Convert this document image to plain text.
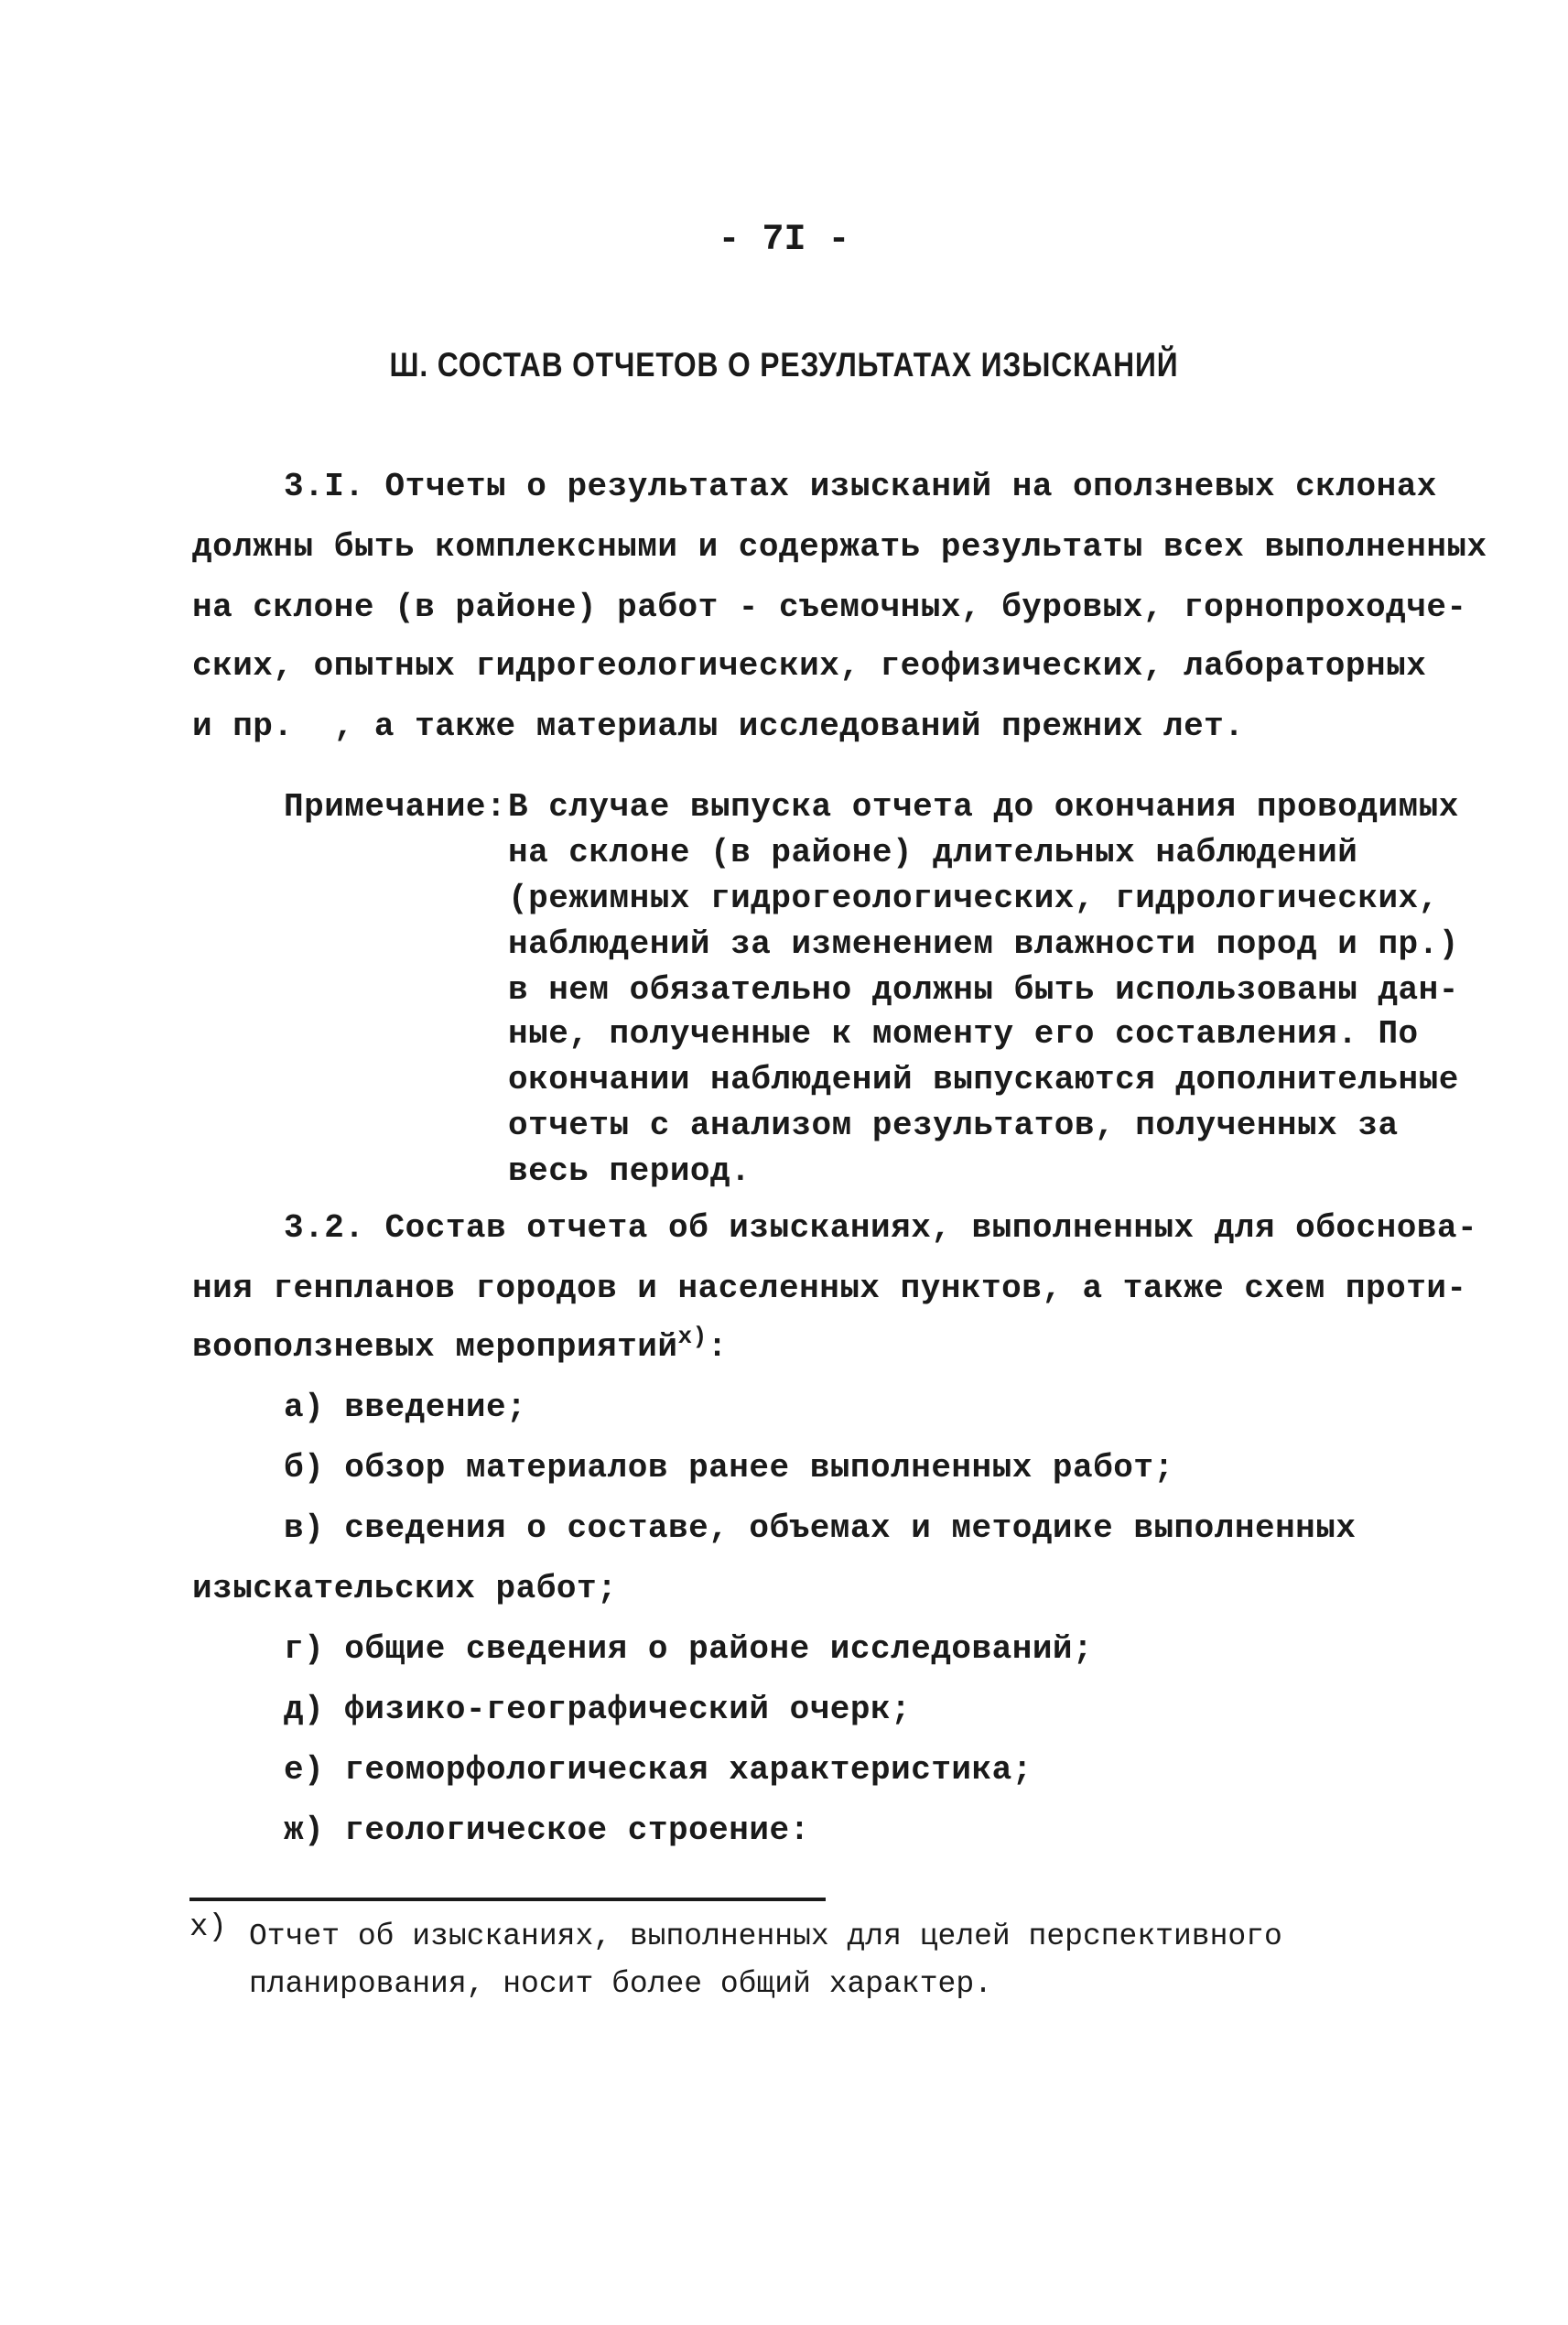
- 7I -
Ш. СОСТАВ ОТЧЕТОВ О РЕЗУЛЬТАТАХ ИЗЫСКАНИЙ
3.I. Отчеты о результатах изысканий на оползневых склонах
должны быть комплексными и содержать результаты всех выполненных
на склоне (в районе) работ - съемочных, буровых, горнопроходче-
ских, опытных гидрогеологических, геофизических, лабораторных
и пр.  , а также материалы исследований прежних лет.
Примечание: В случае выпуска отчета до окончания проводимых
на склоне (в районе) длительных наблюдений
(режимных гидрогеологических, гидрологических,
наблюдений за изменением влажности пород и пр.)
в нем обязательно должны быть использованы дан-
ные, полученные к моменту его составления. По
окончании наблюдений выпускаются дополнительные
отчеты с анализом результатов, полученных за
весь период.
3.2. Состав отчета об изысканиях, выполненных для обоснова-
ния генпланов городов и населенных пунктов, а также схем проти-
вооползневых мероприятий$^{x)}$:
а) введение;
б) обзор материалов ранее выполненных работ;
в) сведения о составе, объемах и методике выполненных
изыскательских работ;
г) общие сведения о районе исследований;
д) физико-географический очерк;
е) геоморфологическая характеристика;
ж) геологическое строение:
x) Отчет об изысканиях, выполненных для целей перспективного
планирования, носит более общий характер.
